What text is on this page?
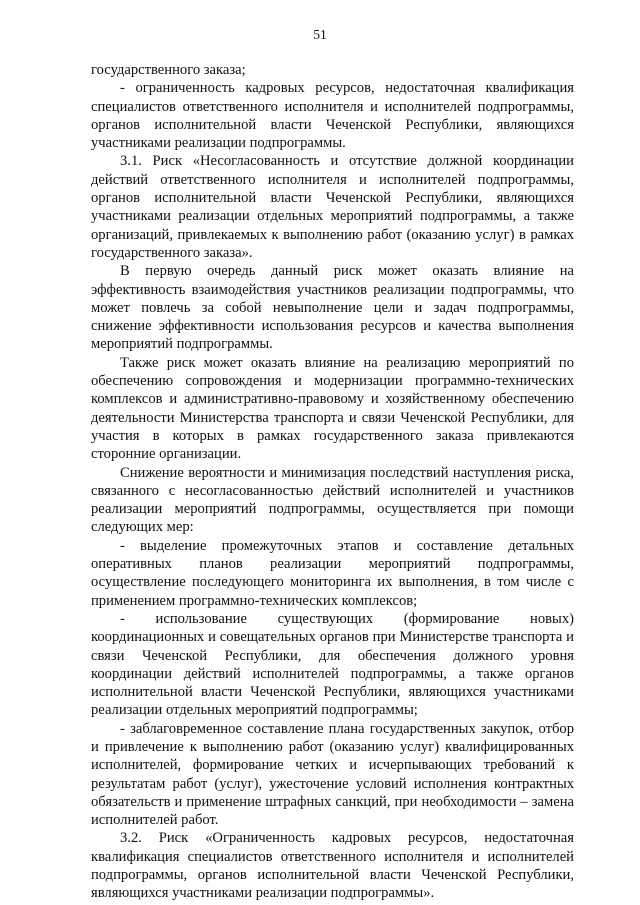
51

государственного заказа;

- ограниченность кадровых ресурсов, недостаточная квалификация специалистов ответственного исполнителя и исполнителей подпрограммы, органов исполнительной власти Чеченской Республики, являющихся участниками реализации подпрограммы.

3.1. Риск «Несогласованность и отсутствие должной координации действий ответственного исполнителя и исполнителей подпрограммы, органов исполнительной власти Чеченской Республики, являющихся участниками реализации отдельных мероприятий подпрограммы, а также организаций, привлекаемых к выполнению работ (оказанию услуг) в рамках государственного заказа».

В первую очередь данный риск может оказать влияние на эффективность взаимодействия участников реализации подпрограммы, что может повлечь за собой невыполнение цели и задач подпрограммы, снижение эффективности использования ресурсов и качества выполнения мероприятий подпрограммы.

Также риск может оказать влияние на реализацию мероприятий по обеспечению сопровождения и модернизации программно-технических комплексов и административно-правовому и хозяйственному обеспечению деятельности Министерства транспорта и связи Чеченской Республики, для участия в которых в рамках государственного заказа привлекаются сторонние организации.

Снижение вероятности и минимизация последствий наступления риска, связанного с несогласованностью действий исполнителей и участников реализации мероприятий подпрограммы, осуществляется при помощи следующих мер:

- выделение промежуточных этапов и составление детальных оперативных планов реализации мероприятий подпрограммы, осуществление последующего мониторинга их выполнения, в том числе с применением программно-технических комплексов;

- использование существующих (формирование новых) координационных и совещательных органов при Министерстве транспорта и связи Чеченской Республики, для обеспечения должного уровня координации действий исполнителей подпрограммы, а также органов исполнительной власти Чеченской Республики, являющихся участниками реализации отдельных мероприятий подпрограммы;

- заблаговременное составление плана государственных закупок, отбор и привлечение к выполнению работ (оказанию услуг) квалифицированных исполнителей, формирование четких и исчерпывающих требований к результатам работ (услуг), ужесточение условий исполнения контрактных обязательств и применение штрафных санкций, при необходимости – замена исполнителей работ.

3.2. Риск «Ограниченность кадровых ресурсов, недостаточная квалификация специалистов ответственного исполнителя и исполнителей подпрограммы, органов исполнительной власти Чеченской Республики, являющихся участниками реализации подпрограммы».
